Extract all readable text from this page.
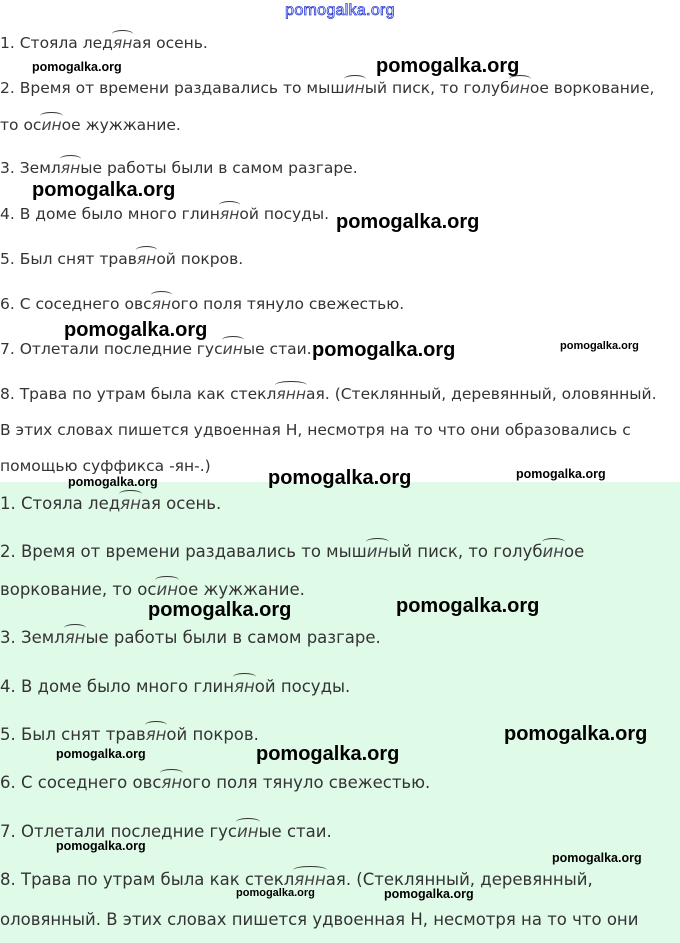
pomogalka.org
1. Стояла ледяная осень.
2. Время от времени раздавались то мышиный писк, то голубиное воркование,
то осиное жужжание.
3. Земляные работы были в самом разгаре.
4. В доме было много глиняной посуды.
5. Был снят травяной покров.
6. С соседнего овсяного поля тянуло свежестью.
7. Отлетали последние гусиные стаи.
8. Трава по утрам была как стеклянная. (Стеклянный, деревянный, оловянный.
В этих словах пишется удвоенная Н, несмотря на то что они образовались с
помощью суффикса -ян-.)
1. Стояла ледяная осень.
2. Время от времени раздавались то мышиный писк, то голубиное
воркование, то осиное жужжание.
3. Земляные работы были в самом разгаре.
4. В доме было много глиняной посуды.
5. Был снят травяной покров.
6. С соседнего овсяного поля тянуло свежестью.
7. Отлетали последние гусиные стаи.
8. Трава по утрам была как стеклянная. (Стеклянный, деревянный,
оловянный. В этих словах пишется удвоенная Н, несмотря на то что они
pomogalka.org	pomogalka.org
pomogalka.org
pomogalka.org
pomogalka.org
pomogalka.org	pomogalka.org
pomogalka.org	pomogalka.org	pomogalka.org
pomogalka.org	pomogalka.org
pomogalka.org
pomogalka.org	pomogalka.org
pomogalka.org
pomogalka.org
pomogalka.org	pomogalka.org
